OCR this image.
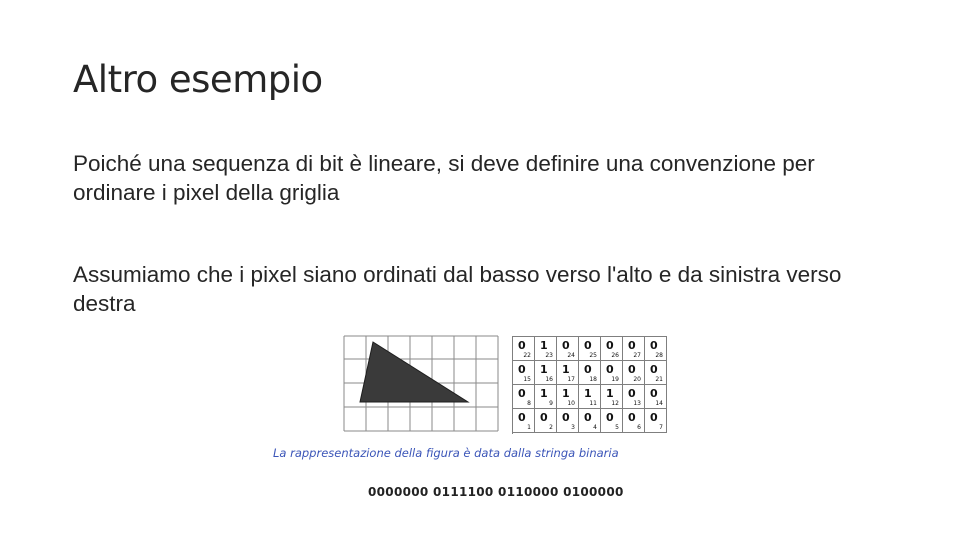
Altro esempio
Poiché una sequenza di bit è lineare, si deve definire una convenzione per ordinare i pixel della griglia
Assumiamo che i pixel siano ordinati dal basso verso l'alto e da sinistra verso destra
0
22
1
23
0
24
0
25
0
26
0
27
0
28
0
15
1
16
1
17
0
18
0
19
0
20
0
21
0
8
1
9
1
10
1
11
1
12
0
13
0
14
0
1
0
2
0
3
0
4
0
5
0
6
0
7
La rappresentazione della figura è data dalla stringa binaria
0000000 0111100 0110000 0100000
